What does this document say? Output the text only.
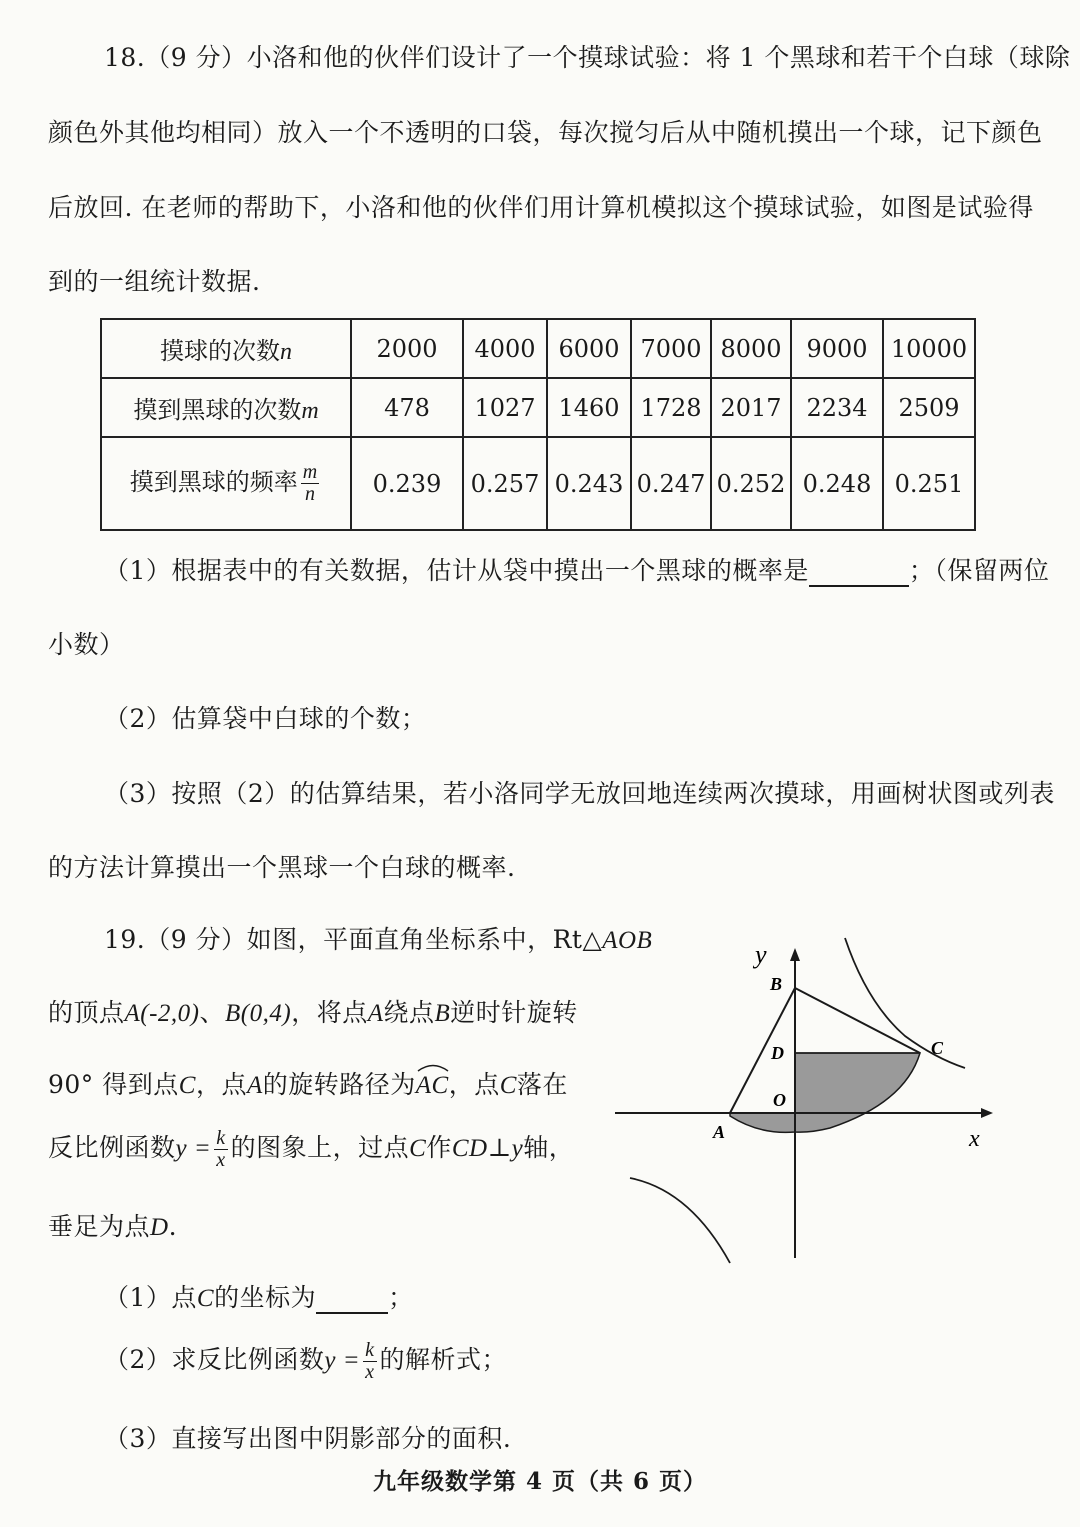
18.（9 分）小洛和他的伙伴们设计了一个摸球试验：将 1 个黑球和若干个白球（球除
颜色外其他均相同）放入一个不透明的口袋，每次搅匀后从中随机摸出一个球，记下颜色
后放回. 在老师的帮助下，小洛和他的伙伴们用计算机模拟这个摸球试验，如图是试验得
到的一组统计数据.
摸球的次数n	2000	4000	6000	7000	8000	9000	10000
摸到黑球的次数m	478	1027	1460	1728	2017	2234	2509
摸到黑球的频率 $\frac{m}{n}$	0.239	0.257	0.243	0.247	0.252	0.248	0.251
（1）根据表中的有关数据，估计从袋中摸出一个黑球的概率是	；（保留两位
小数）
（2）估算袋中白球的个数；
（3）按照（2）的估算结果，若小洛同学无放回地连续两次摸球，用画树状图或列表
的方法计算摸出一个黑球一个白球的概率.
19.（9 分）如图，平面直角坐标系中，Rt△AOB
的顶点A(-2,0)、B(0,4)，将点A绕点B逆时针旋转
90° 得到点C，点A的旋转路径为
AC，点C落在
反比例函数$y = \frac{k}{x}$ 的图象上，过点C作CD⊥y轴，
垂足为点D.
（1）点C的坐标为	；
（2）求反比例函数$y = \frac{k}{x}$ 的解析式；
（3）直接写出图中阴影部分的面积.
y
x
B
C
D
O
A
九年级数学第 4 页（共 6 页）
